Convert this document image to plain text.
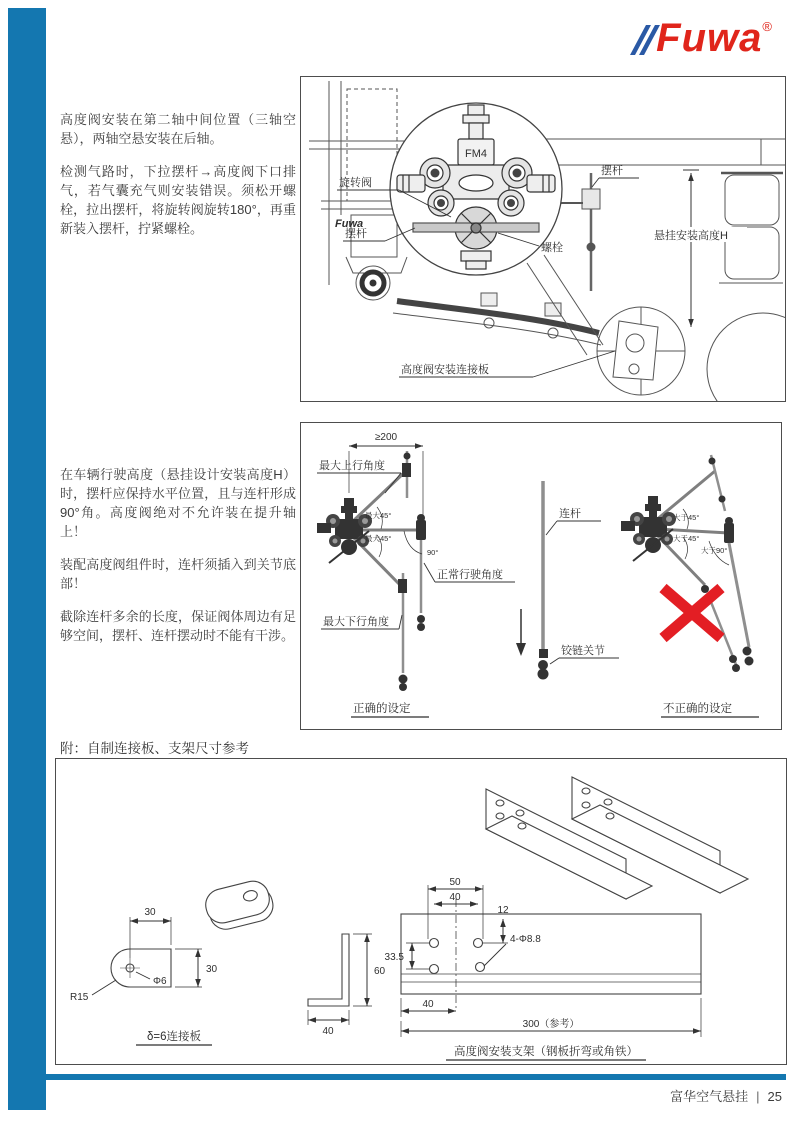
Fuwa®

高度阀安装在第二轴中间位置（三轴空悬），两轴空悬安装在后轴。

检测气路时，下拉摆杆→高度阀下口排气，若气囊充气则安装错误。须松开螺栓，拉出摆杆，将旋转阀旋转180°，再重新装入摆杆，拧紧螺栓。

在车辆行驶高度（悬挂设计安装高度H）时，摆杆应保持水平位置，且与连杆形成90°角。高度阀绝对不允许装在提升轴上！

装配高度阀组件时，连杆须插入到关节底部！

截除连杆多余的长度，保证阀体周边有足够空间，摆杆、连杆摆动时不能有干涉。

Fuwa
FM4
旋转阀
摆杆
螺栓
摆杆
悬挂安装高度H
高度阀安装连接板
≥200
最大45°
最大45°
90°
最大上行角度
正常行驶角度
最大下行角度
正确的设定
连杆
铰链关节
大于45°
大于45°
大于90°
不正确的设定
附：自制连接板、支架尺寸参考
30
30
Φ6
R15
δ=6连接板
60
40
50
40
12
33.5
4-Φ8.8
40
300（参考）
高度阀安装支架（钢板折弯或角铁）
富华空气悬挂 | 25
